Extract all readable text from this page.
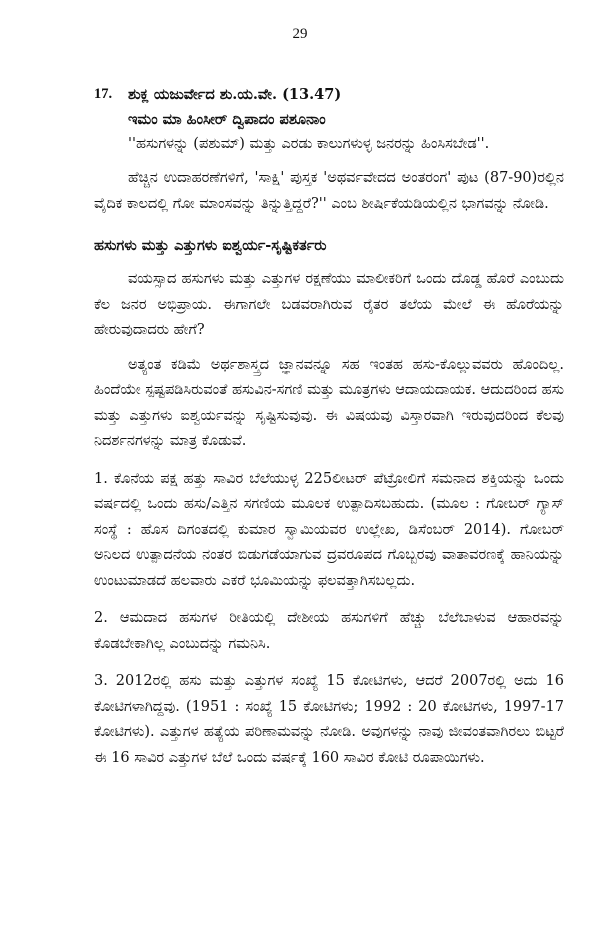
29
17.	ಶುಕ್ಲ ಯಜುರ್ವೇದ ಶು.ಯ.ವೇ. (13.47)
ಇಮಂ ಮಾ ಹಿಂಸೀರ್ ದ್ವಿಪಾದಂ ಪಶೂನಾಂ
''ಹಸುಗಳನ್ನು (ಪಶುಮ್) ಮತ್ತು ಎರಡು ಕಾಲುಗಳುಳ್ಳ ಜನರನ್ನು ಹಿಂಸಿಸಬೇಡ''.

ಹೆಚ್ಚಿನ ಉದಾಹರಣೆಗಳಿಗೆ, 'ಸಾಕ್ಷಿ' ಪುಸ್ತಕ 'ಅಥರ್ವವೇದದ ಅಂತರಂಗ' ಪುಟ (87-90)ರಲ್ಲಿನ ವೈದಿಕ ಕಾಲದಲ್ಲಿ ಗೋ ಮಾಂಸವನ್ನು ತಿನ್ನುತ್ತಿದ್ದರೆ?'' ಎಂಬ ಶೀರ್ಷಿಕೆಯಡಿಯಲ್ಲಿನ ಭಾಗವನ್ನು ನೋಡಿ.

ಹಸುಗಳು ಮತ್ತು ಎತ್ತುಗಳು ಐಶ್ವರ್ಯ-ಸೃಷ್ಟಿಕರ್ತರು

ವಯಸ್ಸಾದ ಹಸುಗಳು ಮತ್ತು ಎತ್ತುಗಳ ರಕ್ಷಣೆಯು ಮಾಲೀಕರಿಗೆ ಒಂದು ದೊಡ್ಡ ಹೊರೆ ಎಂಬುದು ಕೆಲ ಜನರ ಅಭಿಪ್ರಾಯ. ಈಗಾಗಲೇ ಬಡವರಾಗಿರುವ ರೈತರ ತಲೆಯ ಮೇಲೆ ಈ ಹೊರೆಯನ್ನು ಹೇರುವುದಾದರು ಹೇಗೆ?

ಅತ್ಯಂತ ಕಡಿಮೆ ಅರ್ಥಶಾಸ್ತ್ರದ ಜ್ಞಾನವನ್ನೂ ಸಹ ಇಂತಹ ಹಸು-ಕೊಲ್ಲುವವರು ಹೊಂದಿಲ್ಲ. ಹಿಂದೆಯೇ ಸ್ಪಷ್ಟಪಡಿಸಿರುವಂತೆ ಹಸುವಿನ-ಸಗಣಿ ಮತ್ತು ಮೂತ್ರಗಳು ಆದಾಯದಾಯಕ. ಆದುದರಿಂದ ಹಸು ಮತ್ತು ಎತ್ತುಗಳು ಐಶ್ವರ್ಯವನ್ನು ಸೃಷ್ಟಿಸುವುವು. ಈ ವಿಷಯವು ವಿಸ್ತಾರವಾಗಿ ಇರುವುದರಿಂದ ಕೆಲವು ನಿದರ್ಶನಗಳನ್ನು ಮಾತ್ರ ಕೊಡುವೆ.

1. ಕೊನೆಯ ಪಕ್ಷ ಹತ್ತು ಸಾವಿರ ಬೆಲೆಯುಳ್ಳ 225ಲೀಟರ್ ಪೆಟ್ರೋಲಿಗೆ ಸಮನಾದ ಶಕ್ತಿಯನ್ನು ಒಂದು ವರ್ಷದಲ್ಲಿ ಒಂದು ಹಸು/ಎತ್ತಿನ ಸಗಣಿಯ ಮೂಲಕ ಉತ್ಪಾದಿಸಬಹುದು. (ಮೂಲ : ಗೋಬರ್ ಗ್ಯಾಸ್ ಸಂಸ್ಥೆ : ಹೊಸ ದಿಗಂತದಲ್ಲಿ ಕುಮಾರ ಸ್ವಾಮಿಯವರ ಉಲ್ಲೇಖ, ಡಿಸೆಂಬರ್ 2014). ಗೋಬರ್ ಅನಿಲದ ಉತ್ಪಾದನೆಯ ನಂತರ ಬಿಡುಗಡೆಯಾಗುವ ದ್ರವರೂಪದ ಗೊಬ್ಬರವು ವಾತಾವರಣಕ್ಕೆ ಹಾನಿಯನ್ನು ಉಂಟುಮಾಡದೆ ಹಲವಾರು ಎಕರೆ ಭೂಮಿಯನ್ನು ಫಲವತ್ತಾಗಿಸಬಲ್ಲದು.

2. ಆಮದಾದ ಹಸುಗಳ ರೀತಿಯಲ್ಲಿ ದೇಶೀಯ ಹಸುಗಳಿಗೆ ಹೆಚ್ಚು ಬೆಲೆಬಾಳುವ ಆಹಾರವನ್ನು ಕೊಡಬೇಕಾಗಿಲ್ಲ ಎಂಬುದನ್ನು ಗಮನಿಸಿ.

3. 2012ರಲ್ಲಿ ಹಸು ಮತ್ತು ಎತ್ತುಗಳ ಸಂಖ್ಯೆ 15 ಕೋಟಿಗಳು, ಆದರೆ 2007ರಲ್ಲಿ ಅದು 16 ಕೋಟಿಗಳಾಗಿದ್ದವು. (1951 : ಸಂಖ್ಯೆ 15 ಕೋಟಿಗಳು; 1992 : 20 ಕೋಟಿಗಳು, 1997-17 ಕೋಟಿಗಳು). ಎತ್ತುಗಳ ಹತ್ಯೆಯ ಪರಿಣಾಮವನ್ನು ನೋಡಿ. ಅವುಗಳನ್ನು ನಾವು ಜೀವಂತವಾಗಿರಲು ಬಿಟ್ಟರೆ ಈ 16 ಸಾವಿರ ಎತ್ತುಗಳ ಬೆಲೆ ಒಂದು ವರ್ಷಕ್ಕೆ 160 ಸಾವಿರ ಕೋಟಿ ರೂಪಾಯಿಗಳು.
